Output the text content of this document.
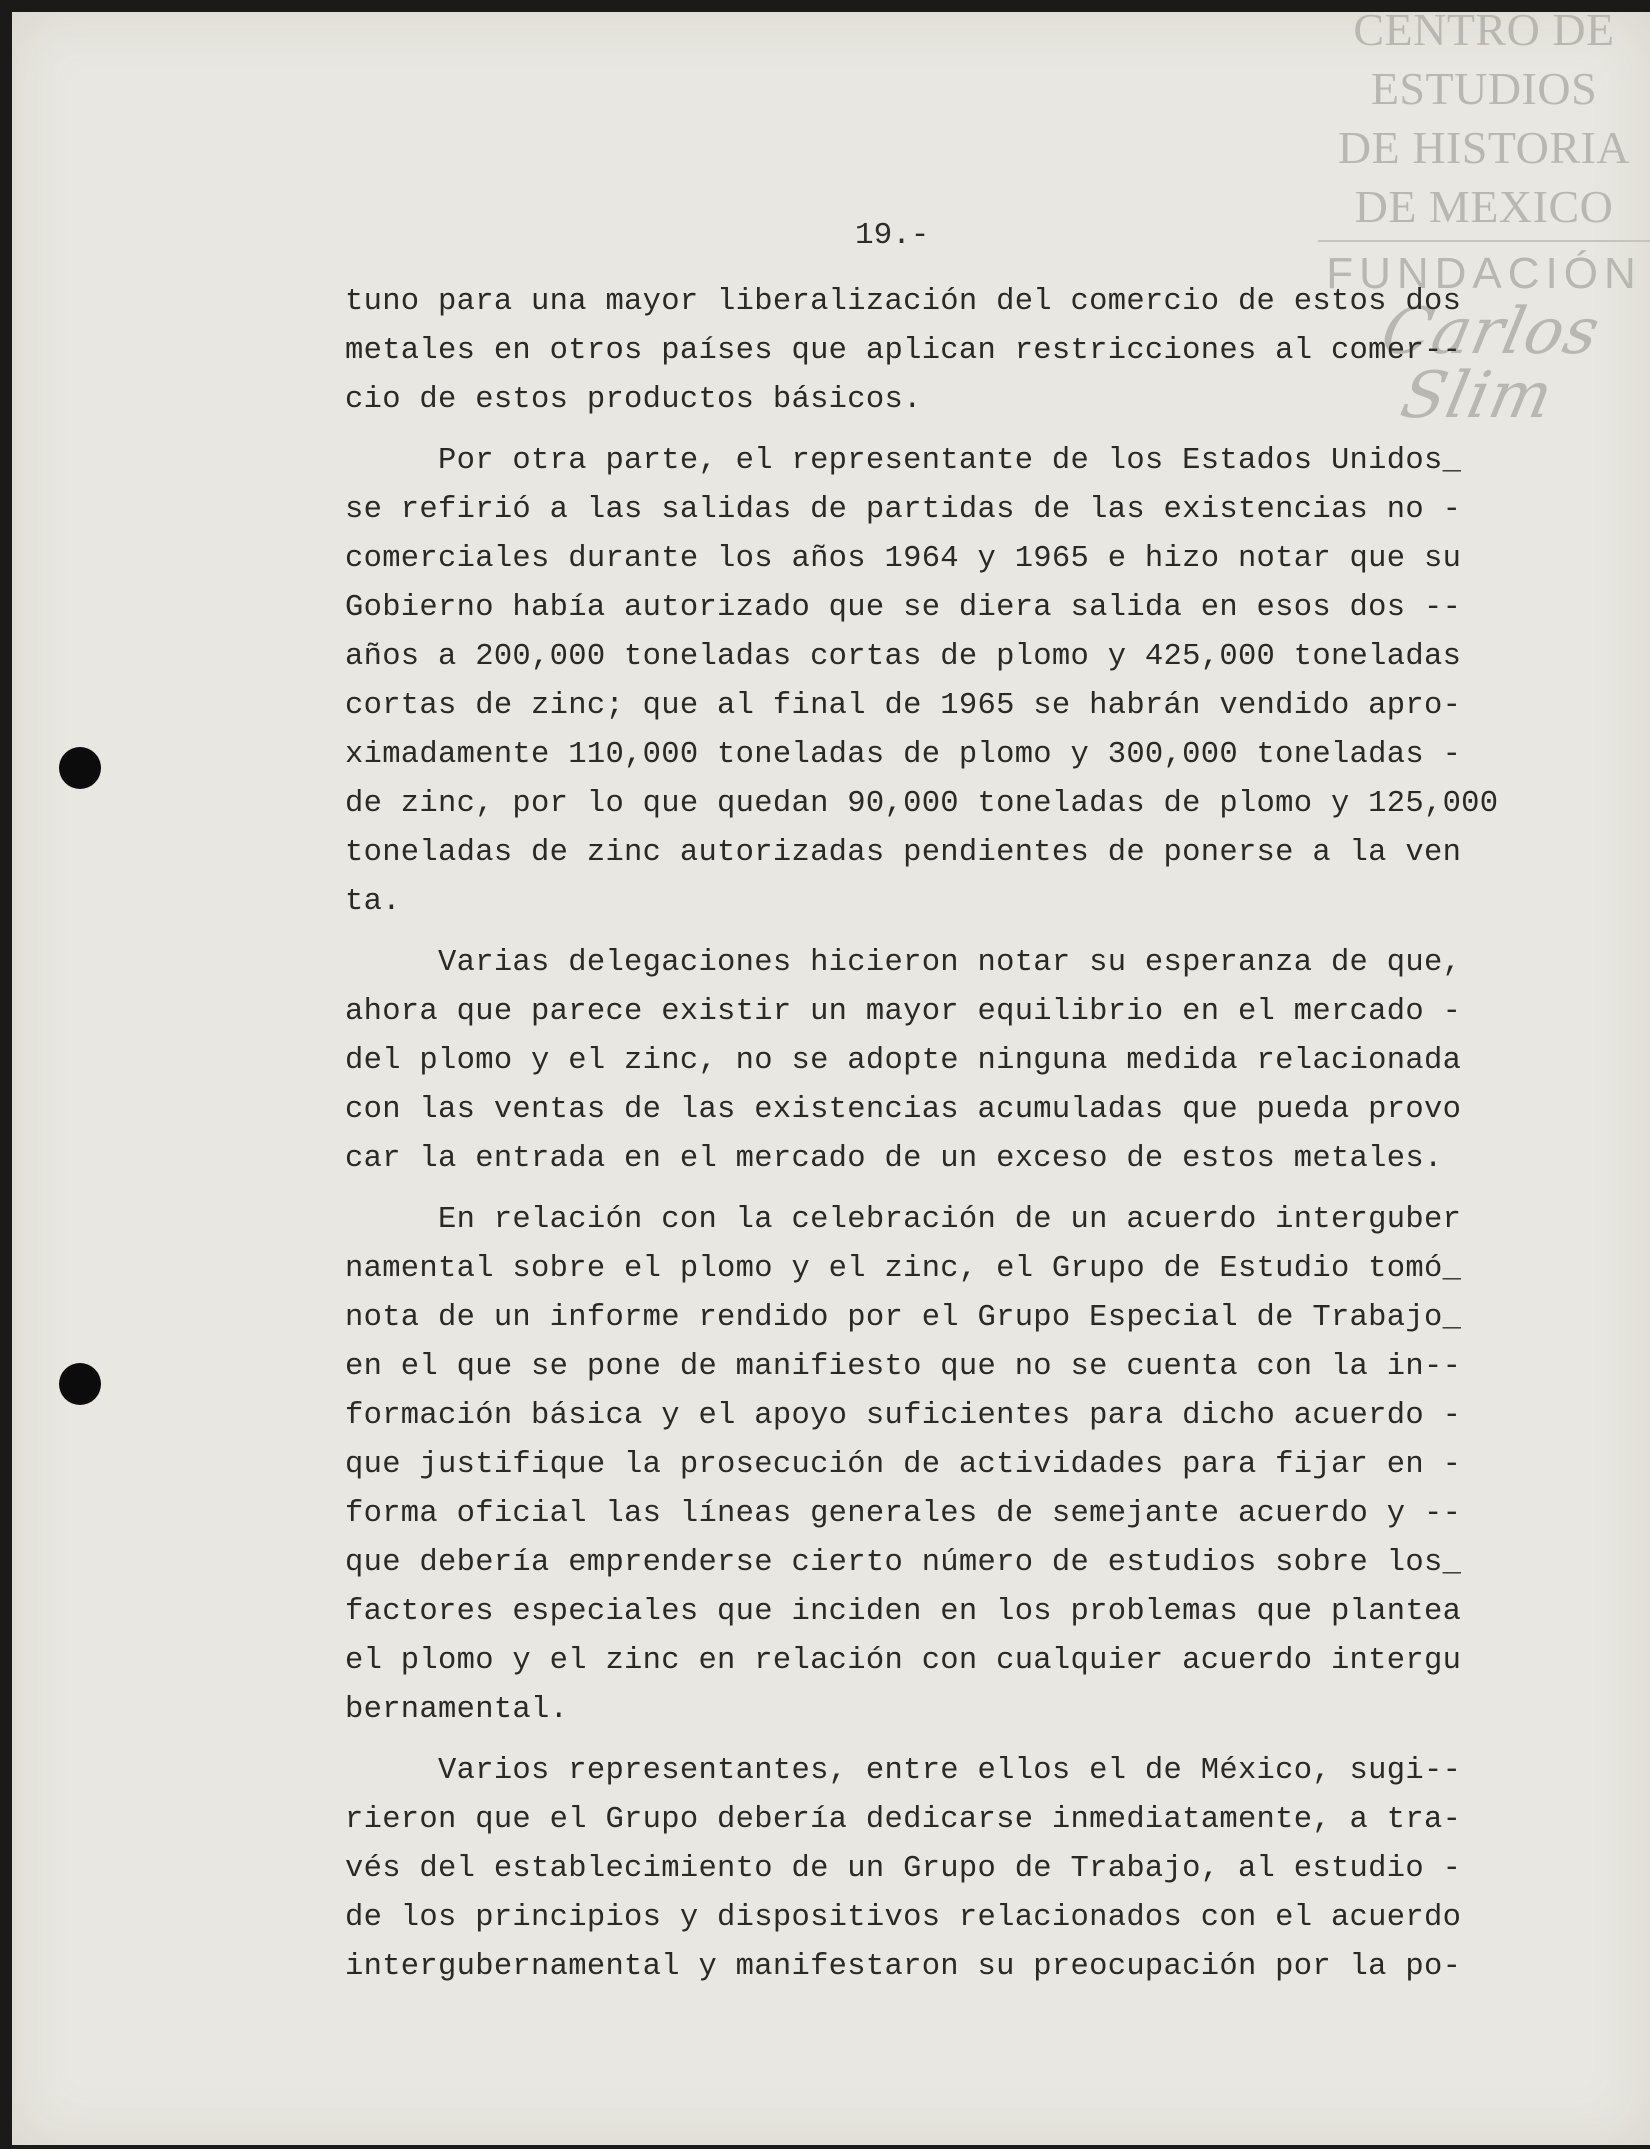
CENTRO DE
ESTUDIOS
DE HISTORIA
DE MEXICO
FUNDACIÓN
Carlos Slim
19.-
tuno para una mayor liberalización del comercio de estos dos
metales en otros países que aplican restricciones al comer--
cio de estos productos básicos.
Por otra parte, el representante de los Estados Unidos_
se refirió a las salidas de partidas de las existencias no -
comerciales durante los años 1964 y 1965 e hizo notar que su
Gobierno había autorizado que se diera salida en esos dos --
años a 200,000 toneladas cortas de plomo y 425,000 toneladas
cortas de zinc; que al final de 1965 se habrán vendido apro-
ximadamente 110,000 toneladas de plomo y 300,000 toneladas -
de zinc, por lo que quedan 90,000 toneladas de plomo y 125,000
toneladas de zinc autorizadas pendientes de ponerse a la ven
ta.
Varias delegaciones hicieron notar su esperanza de que,
ahora que parece existir un mayor equilibrio en el mercado -
del plomo y el zinc, no se adopte ninguna medida relacionada
con las ventas de las existencias acumuladas que pueda provo
car la entrada en el mercado de un exceso de estos metales.
En relación con la celebración de un acuerdo interguber
namental sobre el plomo y el zinc, el Grupo de Estudio tomó_
nota de un informe rendido por el Grupo Especial de Trabajo_
en el que se pone de manifiesto que no se cuenta con la in--
formación básica y el apoyo suficientes para dicho acuerdo -
que justifique la prosecución de actividades para fijar en -
forma oficial las líneas generales de semejante acuerdo y --
que debería emprenderse cierto número de estudios sobre los_
factores especiales que inciden en los problemas que plantea
el plomo y el zinc en relación con cualquier acuerdo intergu
bernamental.
Varios representantes, entre ellos el de México, sugi--
rieron que el Grupo debería dedicarse inmediatamente, a tra-
vés del establecimiento de un Grupo de Trabajo, al estudio -
de los principios y dispositivos relacionados con el acuerdo
intergubernamental y manifestaron su preocupación por la po-
